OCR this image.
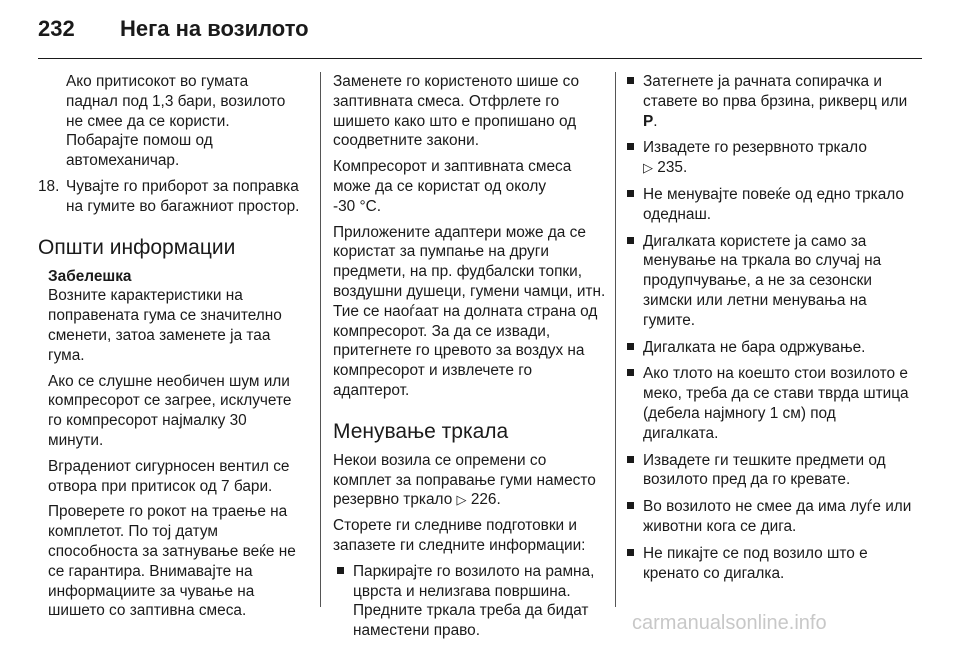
232 Нега на возилото

Ако притисокот во гумата паднал под 1,3 бари, возилото не смее да се користи. Побарајте помош од автомеханичар.

18. Чувајте го приборот за поправка на гумите во багажниот простор.
Општи информации
Забелешка

Возните карактеристики на поправената гума се значително сменети, затоа заменете ја таа гума.

Ако се слушне необичен шум или компресорот се загрее, исклучете го компресорот најмалку 30 минути.

Вградениот сигурносен вентил се отвора при притисок од 7 бари.

Проверете го рокот на траење на комплетот. По тој датум способноста за затнување веќе не се гарантира. Внимавајте на информациите за чување на шишето со заптивна смеса.

Заменете го користеното шише со заптивната смеса. Отфрлете го шишето како што е пропишано од соодветните закони.

Компресорот и заптивната смеса може да се користат од околу
-30 °C.

Приложените адаптери може да се користат за пумпање на други предмети, на пр. фудбалски топки, воздушни душеци, гумени чамци, итн. Тие се наоѓаат на долната страна од компресорот. За да се извади, притегнете го цревото за воздух на компресорот и извлечете го адаптерот.

Менување тркала

Некои возила се опремени со комплет за поправање гуми наместо резервно тркало ▷ 226.

Сторете ги следниве подготовки и запазете ги следните информации:

Паркирајте го возилото на рамна, цврста и нелизгава површина. Предните тркала треба да бидат наместени право.
Затегнете ја рачната сопирачка и ставете во прва брзина, рикверц или P.
Извадете го резервното тркало
▷ 235.
Не менувајте повеќе од едно тркало одеднаш.
Дигалката користете ја само за менување на тркала во случај на продупчување, а не за сезонски зимски или летни менувања на гумите.
Дигалката не бара одржување.
Ако тлото на коешто стои возилото е меко, треба да се стави тврда штица (дебела најмногу 1 см) под дигалката.
Извадете ги тешките предмети од возилото пред да го кревате.
Во возилото не смее да има луѓе или животни кога се дига.
Не пикајте се под возило што е кренато со дигалка.
carmanualsonline.info
